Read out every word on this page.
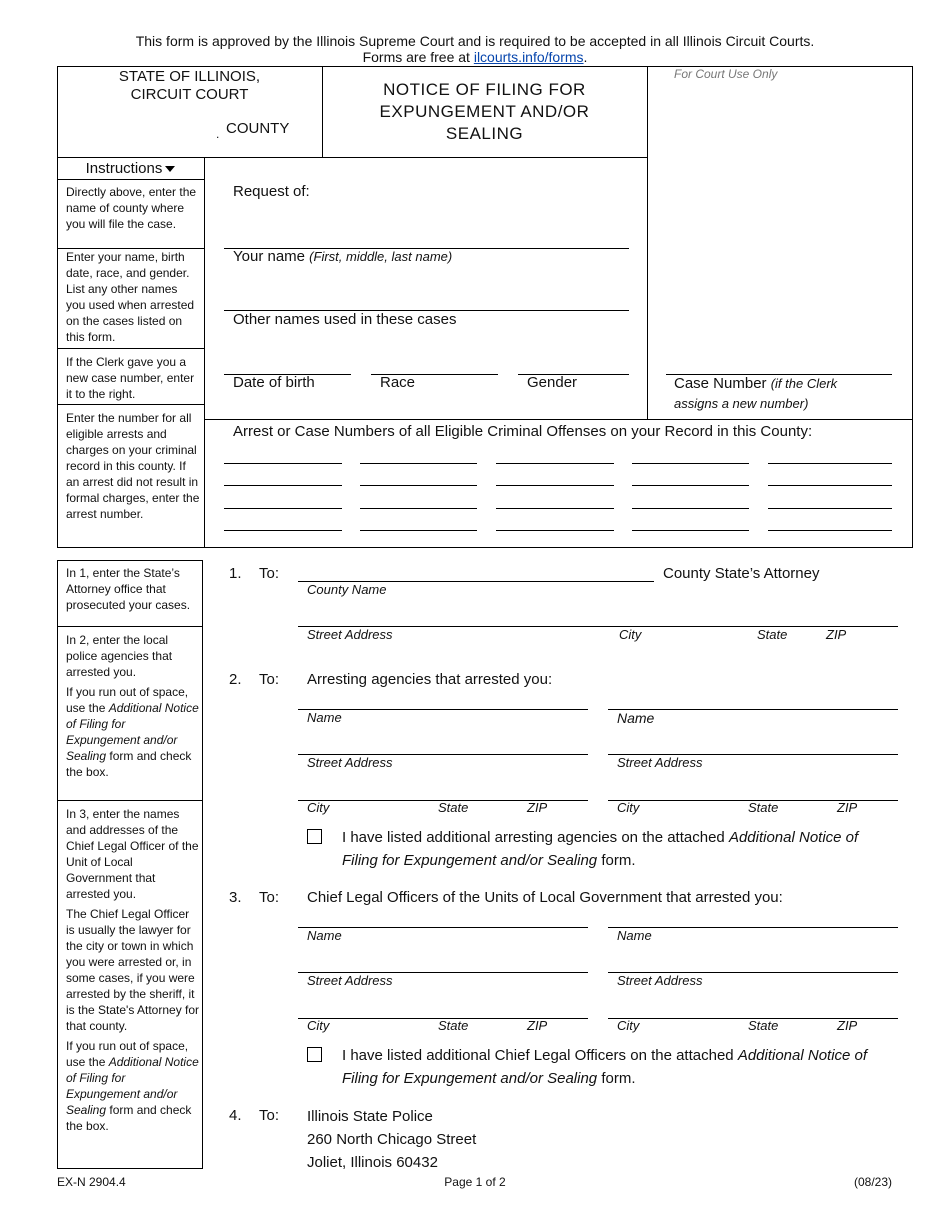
This form is approved by the Illinois Supreme Court and is required to be accepted in all Illinois Circuit Courts.
Forms are free at ilcourts.info/forms.
STATE OF ILLINOIS,
CIRCUIT COURT
. COUNTY
NOTICE OF FILING FOR
EXPUNGEMENT AND/OR
SEALING
For Court Use Only
Instructions
Directly above, enter the name of county where you will file the case.
Enter your name, birth date, race, and gender. List any other names you used when arrested on the cases listed on this form.
If the Clerk gave you a new case number, enter it to the right.
Enter the number for all eligible arrests and charges on your criminal record in this county. If an arrest did not result in formal charges, enter the arrest number.
Request of:
Your name (First, middle, last name)
Other names used in these cases
Date of birth	Race	Gender	Case Number (if the Clerk
assigns a new number)
Arrest or Case Numbers of all Eligible Criminal Offenses on your Record in this County:
In 1, enter the State’s Attorney office that prosecuted your cases.

In 2, enter the local police agencies that arrested you.

If you run out of space, use the Additional Notice of Filing for Expungement and/or Sealing form and check the box.

In 3, enter the names and addresses of the Chief Legal Officer of the Unit of Local Government that arrested you.

The Chief Legal Officer is usually the lawyer for the city or town in which you were arrested or, in some cases, if you were arrested by the sheriff, it is the State's Attorney for that county.

If you run out of space, use the Additional Notice of Filing for Expungement and/or Sealing form and check the box.

1. To:	County State’s Attorney
County Name
Street Address	City	State	ZIP
2. To: Arresting agencies that arrested you:
Name	Name
Street Address	Street Address
City	State	ZIP	City	State	ZIP
I have listed additional arresting agencies on the attached Additional Notice of
Filing for Expungement and/or Sealing form.
3. To: Chief Legal Officers of the Units of Local Government that arrested you:
Name	Name
Street Address	Street Address
City	State	ZIP	City	State	ZIP
I have listed additional Chief Legal Officers on the attached Additional Notice of
Filing for Expungement and/or Sealing form.
4. To: Illinois State Police
260 North Chicago Street
Joliet, Illinois 60432
EX-N 2904.4	Page 1 of 2	(08/23)
